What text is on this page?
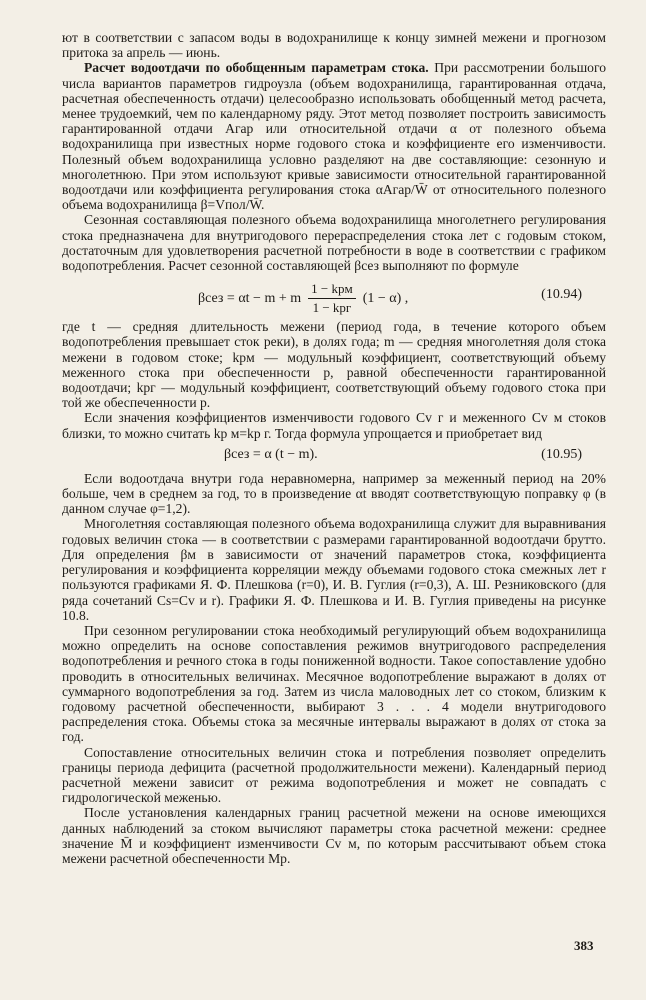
ют в соответствии с запасом воды в водохранилище к концу зимней межени и прогнозом притока за апрель — июнь.

Расчет водоотдачи по обобщенным параметрам стока. При рассмотрении большого числа вариантов параметров гидроузла (объем водохранилища, гарантированная отдача, расчетная обеспеченность отдачи) целесообразно использовать обобщенный метод расчета, менее трудоемкий, чем по календарному ряду. Этот метод позволяет построить зависимость гарантированной отдачи Aгар или относительной отдачи α от полезного объема водохранилища при известных норме годового стока и коэффициенте его изменчивости. Полезный объем водохранилища условно разделяют на две составляющие: сезонную и многолетнюю. При этом используют кривые зависимости относительной гарантированной водоотдачи или коэффициента регулирования стока αAгар/W̄ от относительного полезного объема водохранилища β=Vпол/W̄.

Сезонная составляющая полезного объема водохранилища многолетнего регулирования стока предназначена для внутригодового перераспределения стока лет с годовым стоком, достаточным для удовлетворения расчетной потребности в воде в соответствии с графиком водопотребления. Расчет сезонной составляющей βсез выполняют по формуле

βсез = αt − m + m $\frac{\text{1 − kpм}}{\text{1 − kpг}} (1 - \alpha)$ ,	(10.94)

где t — средняя длительность межени (период года, в течение которого объем водопотребления превышает сток реки), в долях года; m — средняя многолетняя доля стока межени в годовом стоке; kpм — модульный коэффициент, соответствующий объему меженного стока при обеспеченности p, равной обеспеченности гарантированной водоотдачи; kpг — модульный коэффициент, соответствующий объему годового стока при той же обеспеченности p.

Если значения коэффициентов изменчивости годового Cv г и меженного Cv м стоков близки, то можно считать kp м=kp г. Тогда формула упрощается и приобретает вид

βсез = α (t − m).	(10.95)

Если водоотдача внутри года неравномерна, например за меженный период на 20% больше, чем в среднем за год, то в произведение αt вводят соответствующую поправку φ (в данном случае φ=1,2).

Многолетняя составляющая полезного объема водохранилища служит для выравнивания годовых величин стока — в соответствии с размерами гарантированной водоотдачи брутто. Для определения βм в зависимости от значений параметров стока, коэффициента регулирования и коэффициента корреляции между объемами годового стока смежных лет r пользуются графиками Я. Ф. Плешкова (r=0), И. В. Гуглия (r=0,3), А. Ш. Резниковского (для ряда сочетаний Cs=Cv и r). Графики Я. Ф. Плешкова и И. В. Гуглия приведены на рисунке 10.8.

При сезонном регулировании стока необходимый регулирующий объем водохранилища можно определить на основе сопоставления режимов внутригодового распределения водопотребления и речного стока в годы пониженной водности. Такое сопоставление удобно проводить в относительных величинах. Месячное водопотребление выражают в долях от суммарного водопотребления за год. Затем из числа маловодных лет со стоком, близким к годовому расчетной обеспеченности, выбирают 3 . . . 4 модели внутригодового распределения стока. Объемы стока за месячные интервалы выражают в долях от стока за год.

Сопоставление относительных величин стока и потребления позволяет определить границы периода дефицита (расчетной продолжительности межени). Календарный период расчетной межени зависит от режима водопотребления и может не совпадать с гидрологической меженью.

После установления календарных границ расчетной межени на основе имеющихся данных наблюдений за стоком вычисляют параметры стока расчетной межени: среднее значение M̄ и коэффициент изменчивости Cv м, по которым рассчитывают объем стока межени расчетной обеспеченности Mp.

383
